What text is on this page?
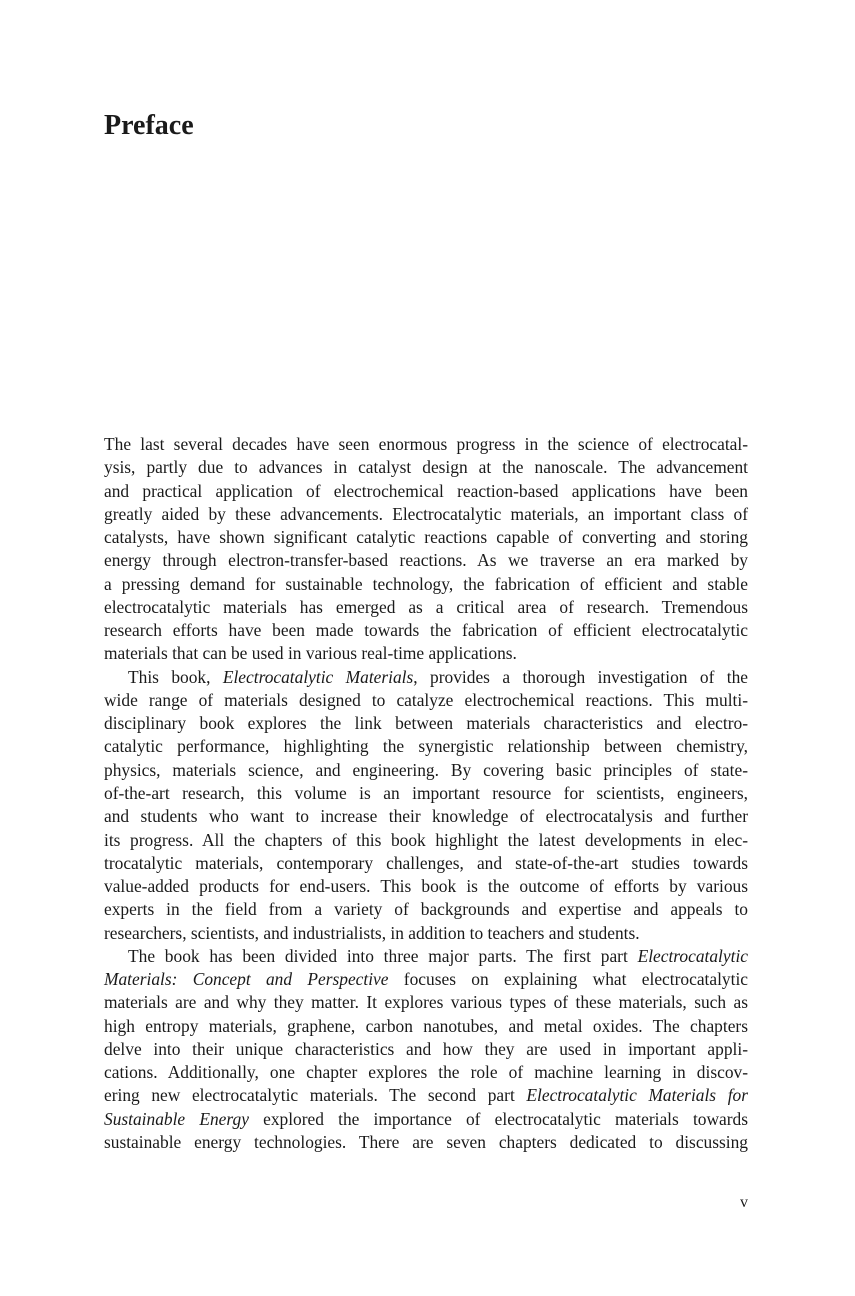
Preface
The last several decades have seen enormous progress in the science of electrocatal-
ysis, partly due to advances in catalyst design at the nanoscale. The advancement
and practical application of electrochemical reaction-based applications have been
greatly aided by these advancements. Electrocatalytic materials, an important class of
catalysts, have shown significant catalytic reactions capable of converting and storing
energy through electron-transfer-based reactions. As we traverse an era marked by
a pressing demand for sustainable technology, the fabrication of efficient and stable
electrocatalytic materials has emerged as a critical area of research. Tremendous
research efforts have been made towards the fabrication of efficient electrocatalytic
materials that can be used in various real-time applications.
This book, Electrocatalytic Materials, provides a thorough investigation of the
wide range of materials designed to catalyze electrochemical reactions. This multi-
disciplinary book explores the link between materials characteristics and electro-
catalytic performance, highlighting the synergistic relationship between chemistry,
physics, materials science, and engineering. By covering basic principles of state-
of-the-art research, this volume is an important resource for scientists, engineers,
and students who want to increase their knowledge of electrocatalysis and further
its progress. All the chapters of this book highlight the latest developments in elec-
trocatalytic materials, contemporary challenges, and state-of-the-art studies towards
value-added products for end-users. This book is the outcome of efforts by various
experts in the field from a variety of backgrounds and expertise and appeals to
researchers, scientists, and industrialists, in addition to teachers and students.
The book has been divided into three major parts. The first part Electrocatalytic
Materials: Concept and Perspective focuses on explaining what electrocatalytic
materials are and why they matter. It explores various types of these materials, such as
high entropy materials, graphene, carbon nanotubes, and metal oxides. The chapters
delve into their unique characteristics and how they are used in important appli-
cations. Additionally, one chapter explores the role of machine learning in discov-
ering new electrocatalytic materials. The second part Electrocatalytic Materials for
Sustainable Energy explored the importance of electrocatalytic materials towards
sustainable energy technologies. There are seven chapters dedicated to discussing
v
